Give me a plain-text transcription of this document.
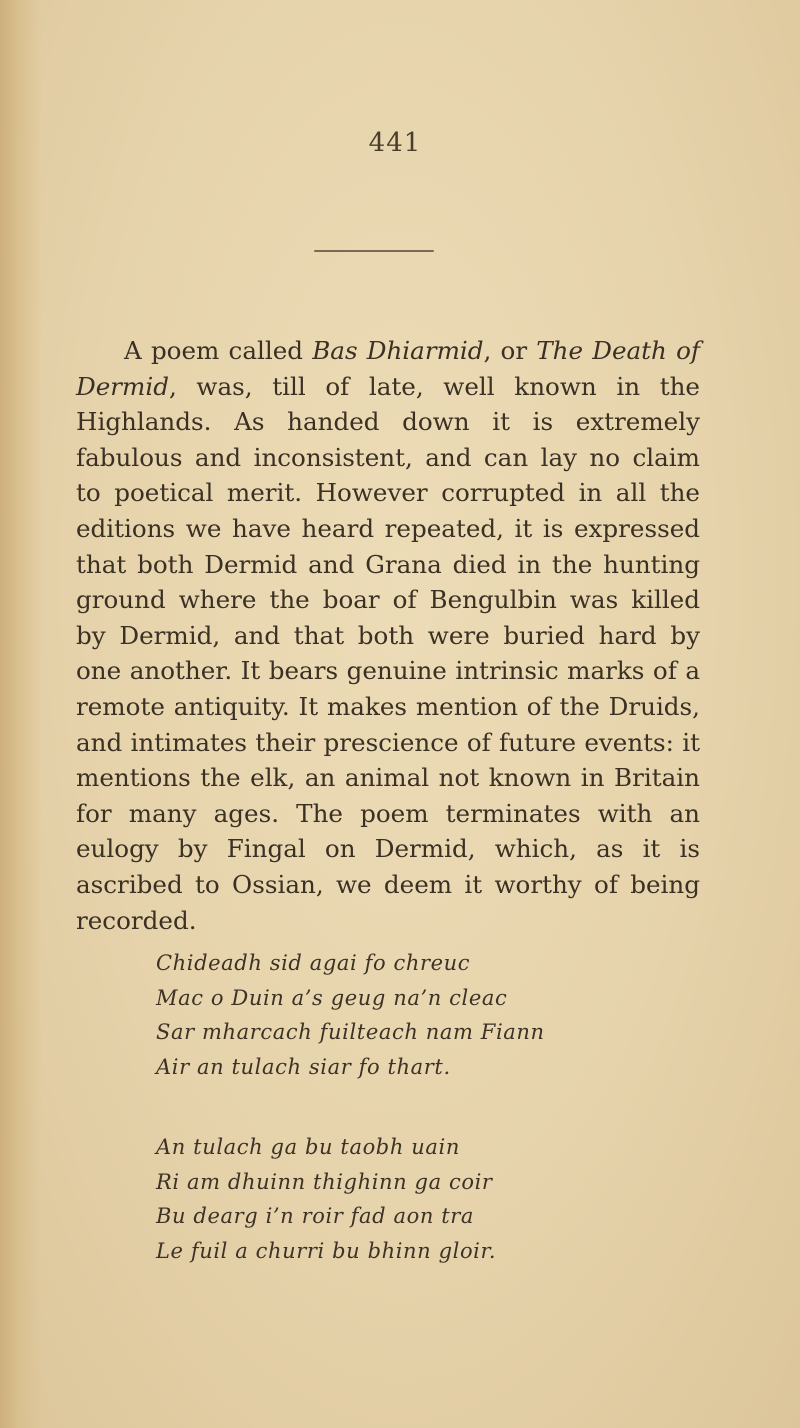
441

A poem called Bas Dhiarmid, or The Death of Dermid, was, till of late, well known in the Highlands. As handed down it is extremely fabulous and inconsistent, and can lay no claim to poetical merit. However corrupted in all the editions we have heard repeated, it is expressed that both Dermid and Grana died in the hunting ground where the boar of Bengulbin was killed by Dermid, and that both were buried hard by one another. It bears genuine intrinsic marks of a remote antiquity. It makes mention of the Druids, and intimates their prescience of future events: it mentions the elk, an animal not known in Britain for many ages. The poem terminates with an eulogy by Fingal on Dermid, which, as it is ascribed to Ossian, we deem it worthy of being recorded.

Chideadh sid agai fo chreuc
Mac o Duin a’s geug na’n cleac
Sar mharcach fuilteach nam Fiann
Air an tulach siar fo thart.
An tulach ga bu taobh uain
Ri am dhuinn thighinn ga coir
Bu dearg i’n roir fad aon tra
Le fuil a churri bu bhinn gloir.
